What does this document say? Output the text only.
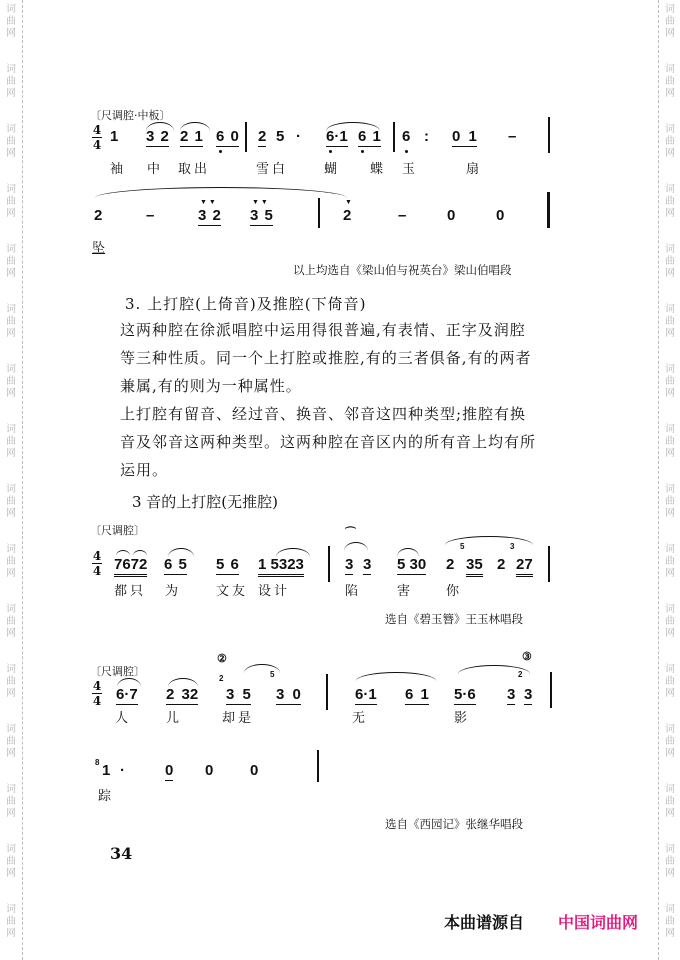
词
曲
网
词
曲
网
词
曲
网
词
曲
网
词
曲
网
词
曲
网
词
曲
网
词
曲
网
词
曲
网
词
曲
网
词
曲
网
词
曲
网
词
曲
网
词
曲
网
词
曲
网
词
曲
网
词
曲
网
词
曲
网
词
曲
网
词
曲
网
词
曲
网
词
曲
网
词
曲
网
词
曲
网
词
曲
网
词
曲
网
词
曲
网
词
曲
网
词
曲
网
词
曲
网
词
曲
网
词
曲
网
〔尺调腔·中板〕
4
4 1 3 2 2 1 6 0 2 5 · 6·1 6 1 6 : 0 1 –
袖 中 取出	雪白	蝴	蝶 玉	扇
2	–
▼ ▼
3 2
▼ ▼
3 5
▼
2	–	0	0
坠
以上均选自《梁山伯与祝英台》梁山伯唱段
3. 上打腔(上倚音)及推腔(下倚音)
这两种腔在徐派唱腔中运用得很普遍,有表情、正字及润腔等三种性质。同一个上打腔或推腔,有的三者俱备,有的两者兼属,有的则为一种属性。
上打腔有留音、经过音、换音、邻音这四种类型;推腔有换音及邻音这两种类型。这两种腔在音区内的所有音上均有所运用。
3 音的上打腔(无推腔)
〔尺调腔〕
4
4 7672 6 5 5 6 1 5323
⌒
3 3 5 30 2
5
35 2
3
27
都只 为	文友 设计	陷	害	你
选自《碧玉簪》王玉林唱段
〔尺调腔〕
4
4 6·7 2 32
②
2
3 5
5
3 0	6·1 6 1
③
5·6 3
2
3
人	儿	却是	无	影
8 1 ·	0 0 0
踪
选自《西园记》张继华唱段
34
本曲谱源自 中国词曲网
